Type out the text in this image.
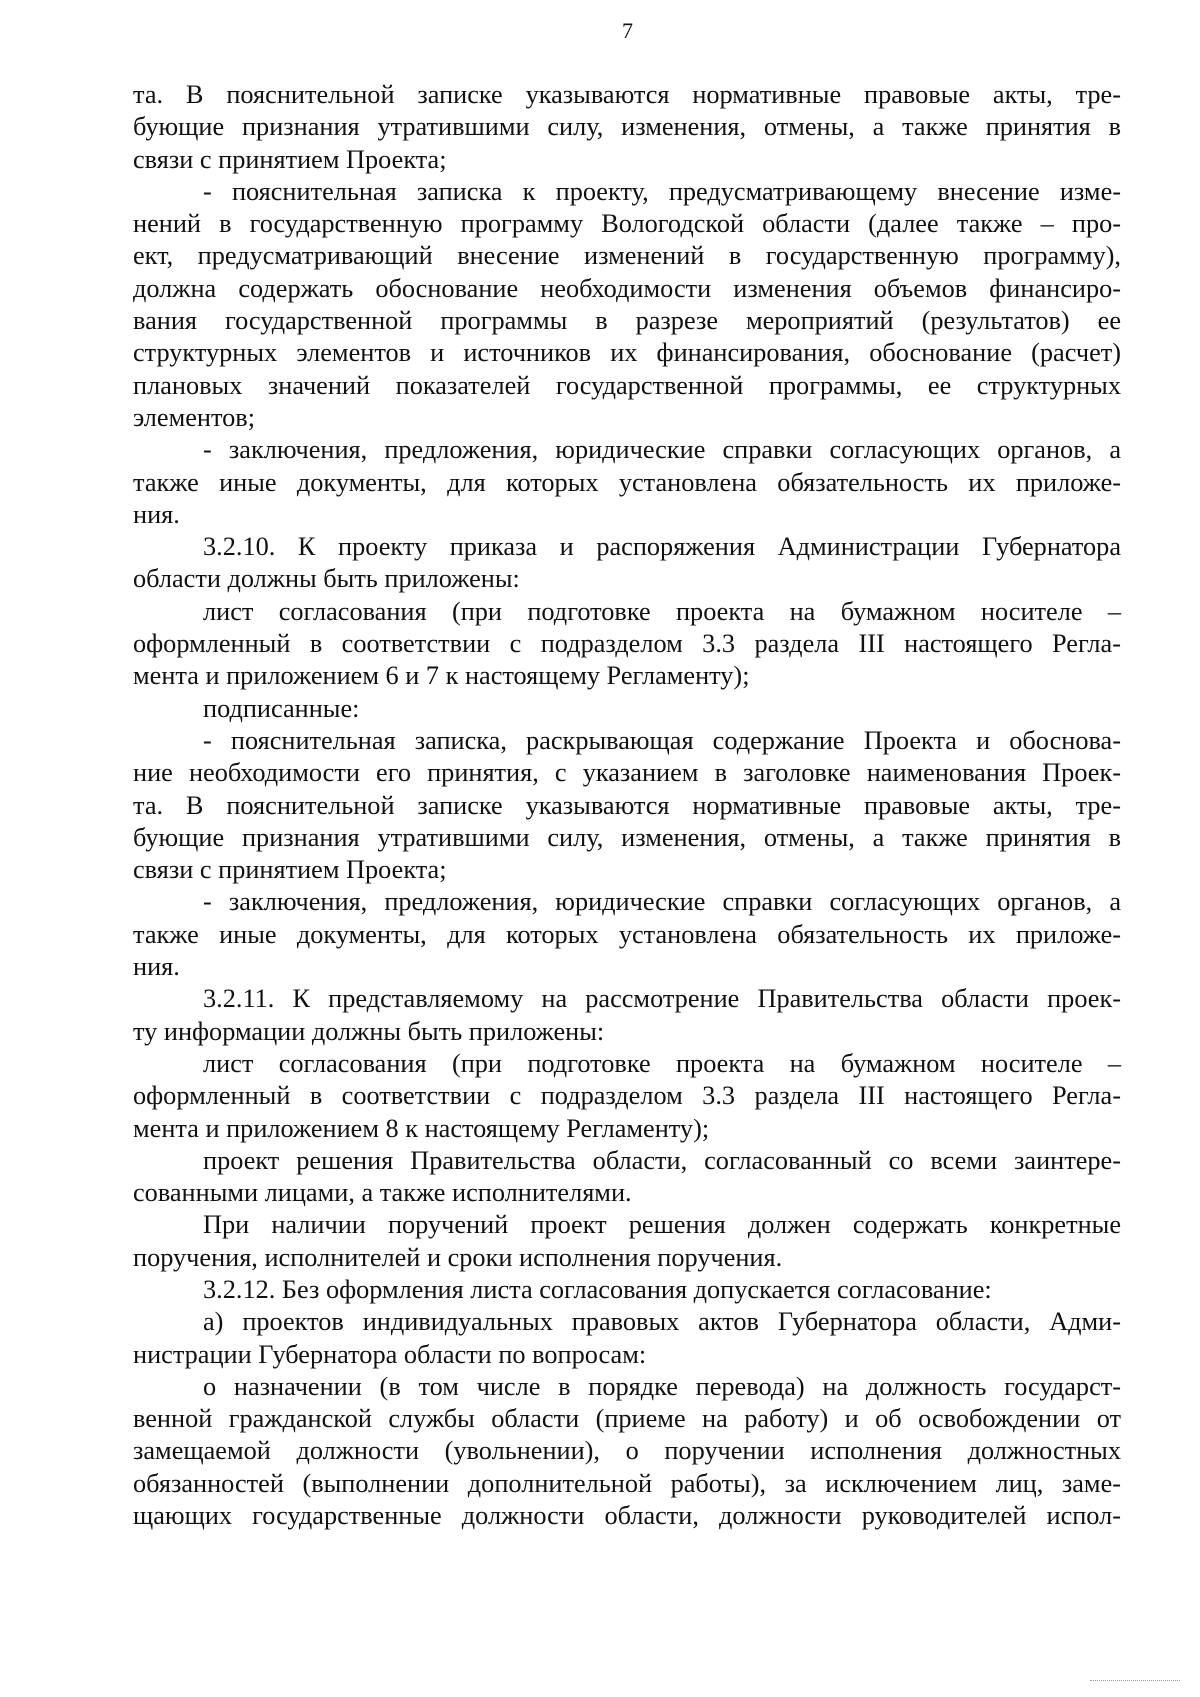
7
та. В пояснительной записке указываются нормативные правовые акты, тре-
бующие признания утратившими силу, изменения, отмены, а также принятия в
связи с принятием Проекта;
- пояснительная записка к проекту, предусматривающему внесение изме-
нений в государственную программу Вологодской области (далее также – про-
ект, предусматривающий внесение изменений в государственную программу),
должна содержать обоснование необходимости изменения объемов финансиро-
вания государственной программы в разрезе мероприятий (результатов) ее
структурных элементов и источников их финансирования, обоснование (расчет)
плановых значений показателей государственной программы, ее структурных
элементов;
- заключения, предложения, юридические справки согласующих органов, а
также иные документы, для которых установлена обязательность их приложе-
ния.
3.2.10. К проекту приказа и распоряжения Администрации Губернатора
области должны быть приложены:
лист согласования (при подготовке проекта на бумажном носителе –
оформленный в соответствии с подразделом 3.3 раздела III настоящего Регла-
мента и приложением 6 и 7 к настоящему Регламенту);
подписанные:
- пояснительная записка, раскрывающая содержание Проекта и обоснова-
ние необходимости его принятия, с указанием в заголовке наименования Проек-
та. В пояснительной записке указываются нормативные правовые акты, тре-
бующие признания утратившими силу, изменения, отмены, а также принятия в
связи с принятием Проекта;
- заключения, предложения, юридические справки согласующих органов, а
также иные документы, для которых установлена обязательность их приложе-
ния.
3.2.11. К представляемому на рассмотрение Правительства области проек-
ту информации должны быть приложены:
лист согласования (при подготовке проекта на бумажном носителе –
оформленный в соответствии с подразделом 3.3 раздела III настоящего Регла-
мента и приложением 8 к настоящему Регламенту);
проект решения Правительства области, согласованный со всеми заинтере-
сованными лицами, а также исполнителями.
При наличии поручений проект решения должен содержать конкретные
поручения, исполнителей и сроки исполнения поручения.
3.2.12. Без оформления листа согласования допускается согласование:
а) проектов индивидуальных правовых актов Губернатора области, Адми-
нистрации Губернатора области по вопросам:
о назначении (в том числе в порядке перевода) на должность государст-
венной гражданской службы области (приеме на работу) и об освобождении от
замещаемой должности (увольнении), о поручении исполнения должностных
обязанностей (выполнении дополнительной работы), за исключением лиц, заме-
щающих государственные должности области, должности руководителей испол-
